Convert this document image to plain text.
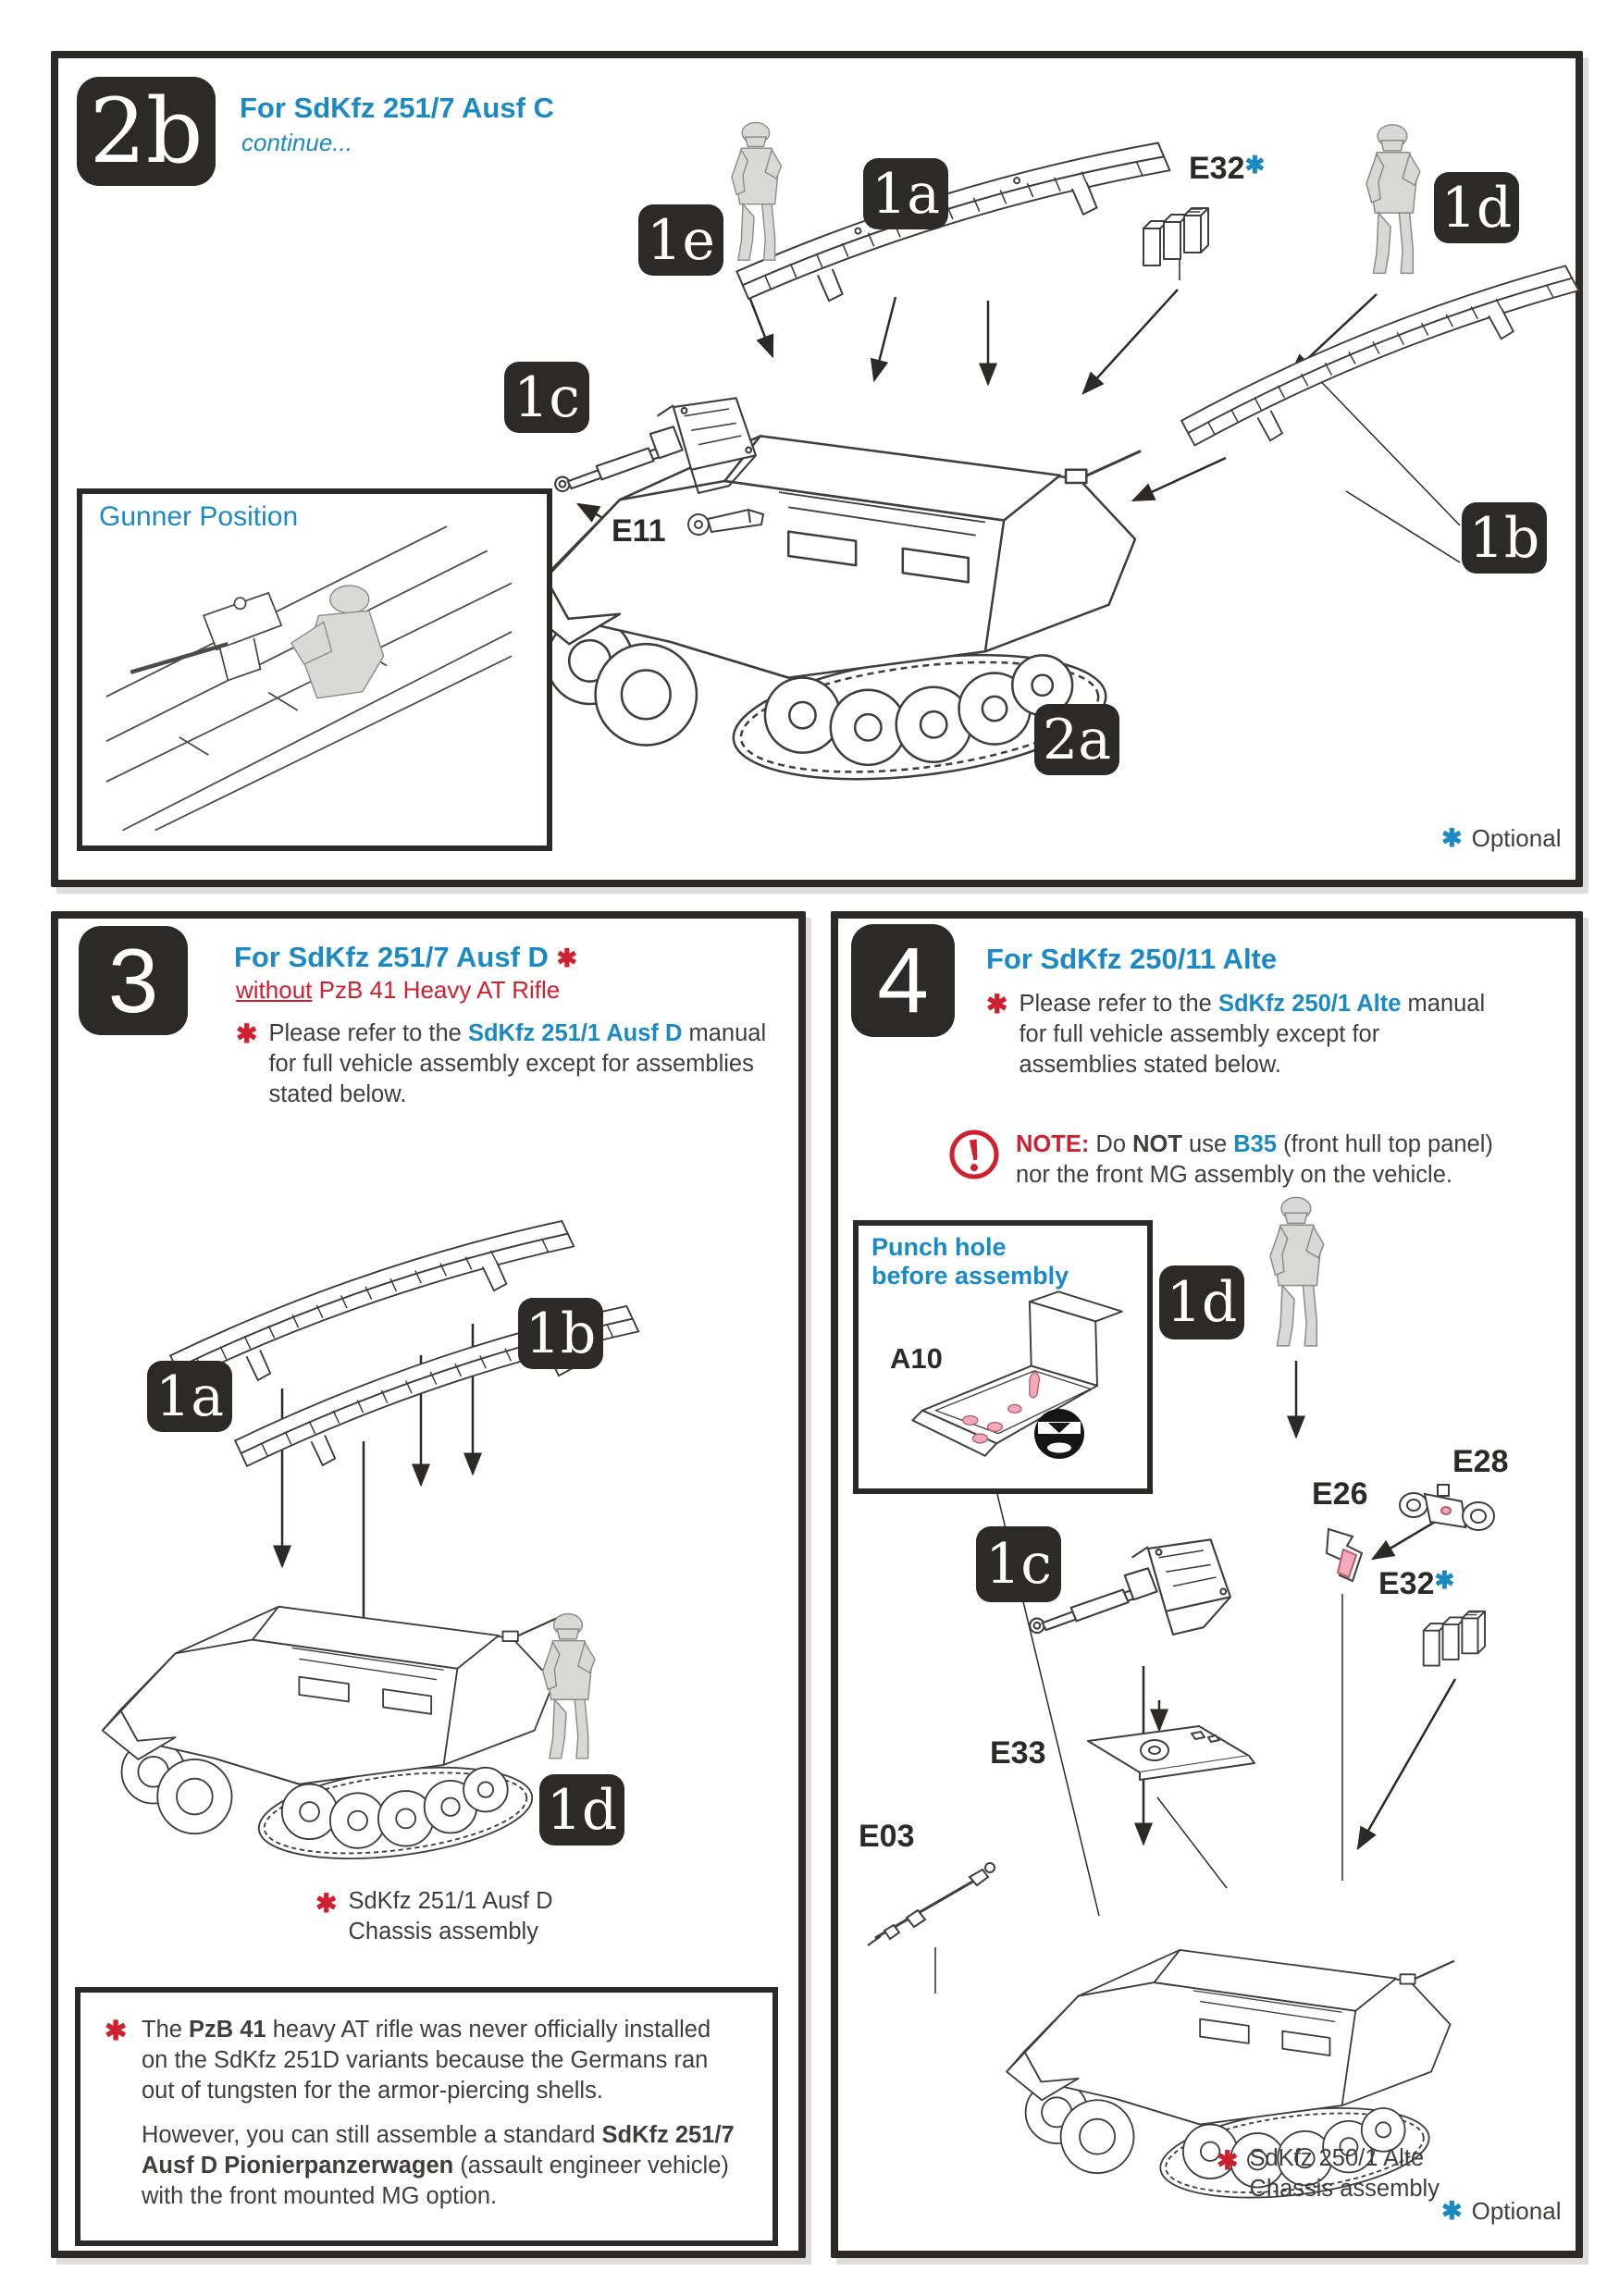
2b For SdKfz 251/7 Ausf C
continue...
1e
1a	1d
1b
1c
2a
E32✱
E11
Gunner Position
✱ Optional
3	For SdKfz 251/7 Ausf D ✱
without PzB 41 Heavy AT Rifle
✱ Please refer to the SdKfz 251/1 Ausf D manual for full vehicle assembly except for assemblies stated below.
1a
1b
1d
✱ SdKfz 251/1 Ausf D
Chassis assembly
✱ The PzB 41 heavy AT rifle was never officially installed on the SdKfz 251D variants because the Germans ran out of tungsten for the armor-piercing shells.
However, you can still assemble a standard SdKfz 251/7 Ausf D Pionierpanzerwagen (assault engineer vehicle) with the front mounted MG option.
4 For SdKfz 250/11 Alte
✱ Please refer to the SdKfz 250/1 Alte manual for full vehicle assembly except for assemblies stated below.
NOTE: Do NOT use B35 (front hull top panel) nor the front MG assembly on the vehicle.
Punch hole
before assembly
A10
1d
E28
E26
E32✱
1c
E33
E03
✱ SdKfz 250/1 Alte
Chassis assembly
✱ Optional
